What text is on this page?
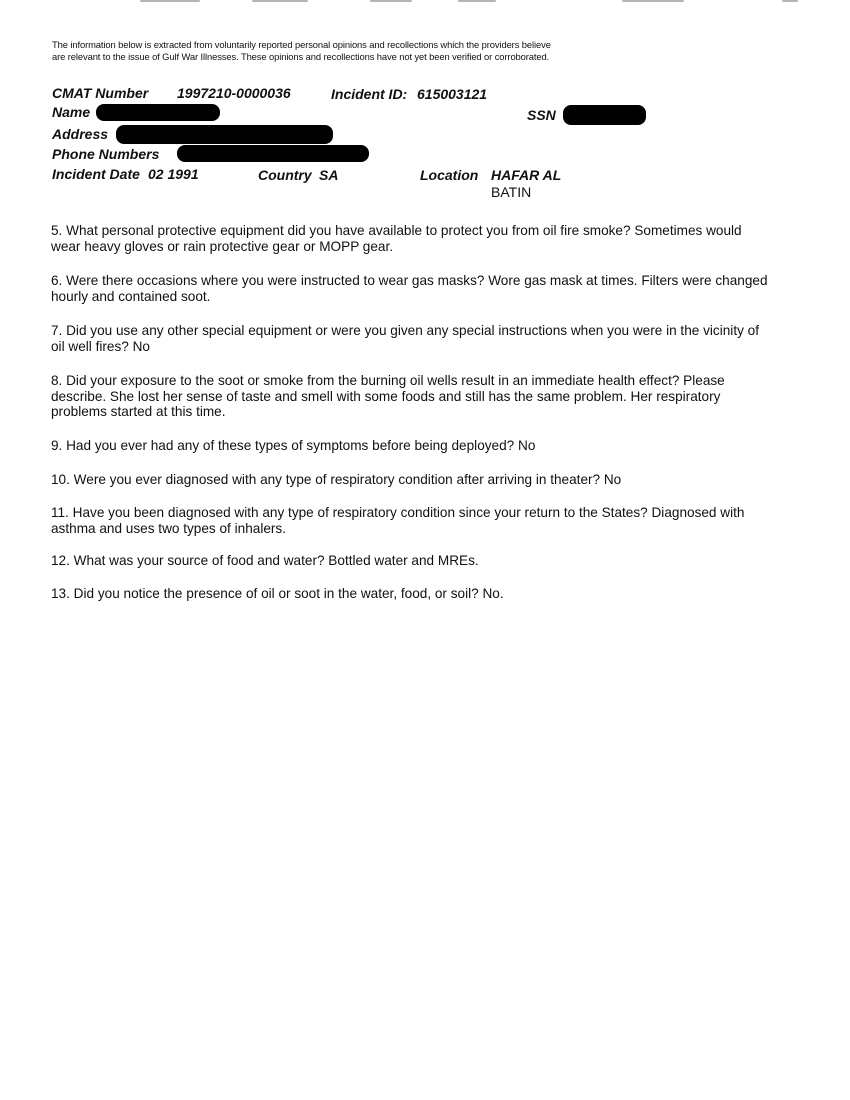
The information below is extracted from voluntarily reported personal opinions and recollections which the providers believe are relevant to the issue of Gulf War Illnesses. These opinions and recollections have not yet been verified or corroborated.
CMAT Number 1997210-0000036	Incident ID: 615003121
Name	SSN
Address
Phone Numbers
Incident Date 02 1991	Country SA	Location HAFAR AL
BATIN
5. What personal protective equipment did you have available to protect you from oil fire smoke? Sometimes would wear heavy gloves or rain protective gear or MOPP gear.
6. Were there occasions where you were instructed to wear gas masks? Wore gas mask at times. Filters were changed hourly and contained soot.
7. Did you use any other special equipment or were you given any special instructions when you were in the vicinity of oil well fires? No
8. Did your exposure to the soot or smoke from the burning oil wells result in an immediate health effect? Please describe. She lost her sense of taste and smell with some foods and still has the same problem. Her respiratory problems started at this time.
9. Had you ever had any of these types of symptoms before being deployed? No
10. Were you ever diagnosed with any type of respiratory condition after arriving in theater? No
11. Have you been diagnosed with any type of respiratory condition since your return to the States? Diagnosed with asthma and uses two types of inhalers.
12. What was your source of food and water? Bottled water and MREs.
13. Did you notice the presence of oil or soot in the water, food, or soil? No.
